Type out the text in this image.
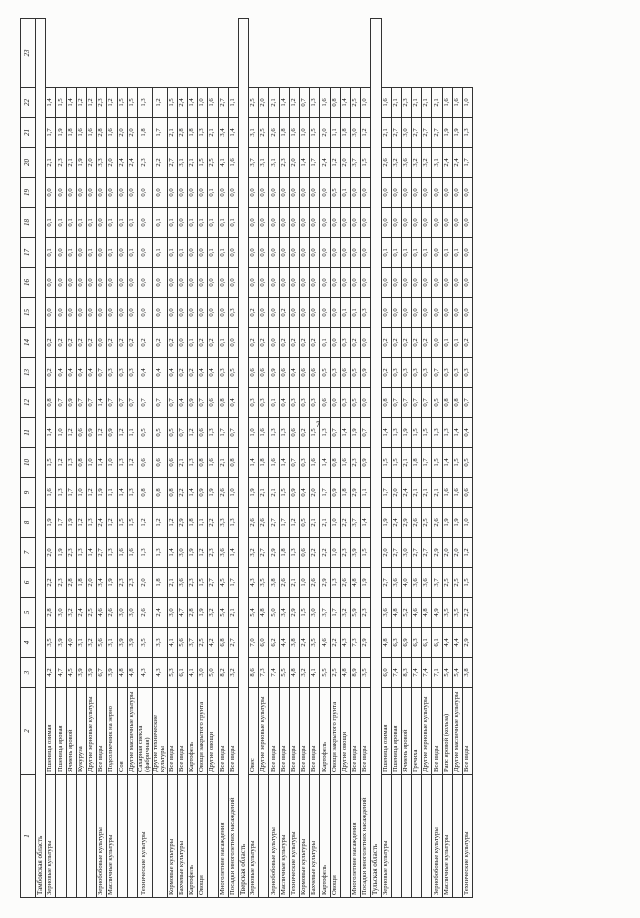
1	2	3	4	5	6	7	8	9	10	11	12	13	14	15	16	17	18	19	20	21	22	23
Тамбовская область																						
Зерновые культуры	Пшеница озимая	4,2	3,5	2,8	2,2	2,0	1,9	1,6	1,5	1,4	0,8	0,2	0,2	0,0	0,0	0,1	0,1	0,0	2,1	1,7	1,4	
	Пшеница яровая	4,7	3,9	3,0	2,3	1,9	1,7	1,3	1,2	1,0	0,7	0,4	0,2	0,0	0,0	0,0	0,1	0,0	2,3	1,9	1,5	
	Ячмень яровой	4,5	4,0	3,2	2,8	2,3	1,9	1,7	1,3	1,2	0,9	0,4	0,2	0,0	0,0	0,1	0,1	0,0	2,1	1,8	1,4	
	Кукуруза	3,9	3,1	2,4	1,8	1,3	1,2	1,0	0,8	0,6	0,7	0,4	0,2	0,0	0,0	0,0	0,1	0,0	1,9	1,6	1,2	
	Другие зерновые культуры	3,9	3,2	2,5	2,0	1,4	1,3	1,2	1,0	0,9	0,7	0,4	0,2	0,0	0,0	0,1	0,1	0,0	2,0	1,6	1,2	
Зернобобовые культуры	Все виды	6,7	5,6	4,6	3,4	2,7	2,4	1,9	1,4	1,2	1,4	0,7	0,0	0,0	0,0	0,0	0,0	0,0	3,3	2,8	2,3	
Масличные культуры	Подсолнечник на зерно	3,9	3,1	2,6	1,9	1,3	1,2	1,1	1,0	0,9	0,7	0,3	0,2	0,0	0,0	0,1	0,1	0,0	2,0	1,6	1,2	
	Соя	4,8	3,9	3,0	2,3	1,6	1,5	1,4	1,3	1,2	0,7	0,3	0,2	0,0	0,0	0,0	0,1	0,0	2,4	2,0	1,5	
	Другие масличные культуры	4,8	3,9	3,0	2,3	1,6	1,5	1,3	1,2	1,1	0,7	0,3	0,2	0,0	0,0	0,1	0,1	0,0	2,4	2,0	1,5	
Технические культуры	Сахарная свекла (фабричная)	4,3	3,5	2,6	2,0	1,3	1,2	0,8	0,6	0,5	0,7	0,4	0,2	0,0	0,0	0,0	0,0	0,0	2,3	1,8	1,3	
	Другие технические культуры	4,3	3,3	2,4	1,8	1,3	1,2	0,8	0,6	0,5	0,7	0,4	0,2	0,0	0,0	0,1	0,1	0,0	2,2	1,7	1,2	
Кормовые культуры	Все виды	5,3	4,1	3,0	2,1	1,4	1,2	0,8	0,6	0,5	0,7	0,4	0,2	0,0	0,0	0,1	0,1	0,0	2,7	2,1	1,5	
Бахчевые культуры	Все виды	6,1	5,6	4,7	3,6	3,0	2,9	2,2	2,1	0,7	0,4	0,2	0,0	0,0	0,0	0,1	0,0	0,0	3,1	2,8	2,4	
Картофель	Картофель	4,1	3,7	2,8	2,3	1,9	1,8	1,4	1,3	1,2	0,9	0,2	0,1	0,0	0,0	0,0	0,1	0,0	2,1	1,8	1,4	
Овощи	Овощи закрытого грунта	3,0	2,5	1,9	1,5	1,2	1,1	0,9	0,8	0,6	0,7	0,4	0,2	0,0	0,0	0,0	0,1	0,0	1,5	1,3	1,0	
	Другие овощи	5,0	4,2	3,2	2,7	2,3	2,2	1,9	1,6	1,3	0,6	0,4	0,2	0,0	0,0	0,1	0,1	0,1	2,5	2,1	1,6	
Многолетние насаждения	Все виды	8,2	6,8	5,4	4,5	3,6	3,3	2,6	2,1	1,7	0,8	0,3	0,1	0,0	0,0	0,1	0,1	0,0	4,1	3,4	2,7	
Посадки многолетних насаждений	Все виды	3,2	2,7	2,1	1,7	1,4	1,3	1,0	0,8	0,7	0,4	0,5	0,0	0,3	0,0	0,0	0,1	0,0	1,6	1,4	1,1	
Тверская область																						
Зерновые культуры	Овес	8,6	7,0	5,4	4,3	3,2	2,6	1,9	1,4	1,0	0,3	0,6	0,2	0,2	0,0	0,0	0,0	0,0	3,7	3,1	2,5	
	Другие зерновые культуры	7,3	6,0	4,8	3,5	2,7	2,6	2,1	1,8	1,6	0,3	0,6	0,2	0,0	0,0	0,0	0,0	0,0	3,1	2,5	2,0	
Зернобобовые культуры	Все виды	7,4	6,2	5,0	3,8	2,9	2,7	2,1	1,6	1,3	0,1	0,9	0,0	0,0	0,0	0,0	0,0	0,0	3,1	2,6	2,1	
Масличные культуры	Все виды	5,5	4,4	3,4	2,6	1,8	1,7	1,5	1,4	1,3	0,4	0,6	0,2	0,2	0,0	0,0	0,0	0,0	2,3	1,8	1,4	
Технические культуры	Все виды	4,8	3,8	2,9	2,1	1,3	1,2	0,9	0,7	0,6	0,3	0,4	0,2	0,0	0,0	0,0	0,0	0,0	2,0	1,6	1,2	
Кормовые культуры	Все виды	3,2	2,4	1,5	1,0	0,6	0,5	0,4	0,3	0,2	0,3	0,6	0,2	0,0	0,0	0,0	0,0	0,0	1,4	1,0	0,7	
Бахчевые культуры	Все виды	4,1	3,5	3,0	2,6	2,2	2,1	2,0	1,6	1,5	0,3	0,6	0,2	0,0	0,0	0,0	0,0	0,0	1,7	1,5	1,3	
Картофель	Картофель	5,5	4,6	3,7	2,9	2,2	2,1	1,7	1,4	1,3	0,6	0,5	0,1	0,0	0,0	0,0	0,0	0,0	2,4	2,0	1,6	
Овощи	Овощи закрытого грунта	2,5	2,2	1,7	1,3	1,0	1,0	0,9	0,8	0,7	0,0	0,3	0,0	0,0	0,0	0,0	0,0	0,5	1,2	1,1	0,8	
	Другие овощи	4,8	4,3	3,2	2,6	2,3	2,2	1,8	1,6	1,4	0,3	0,6	0,3	0,1	0,0	0,0	0,0	0,1	2,0	1,8	1,4	
Многолетние насаждения	Все виды	8,9	7,3	5,9	4,8	3,9	3,7	2,9	2,3	1,9	0,5	0,5	0,2	0,1	0,0	0,0	0,0	0,0	3,7	3,0	2,5	
Посадки многолетних насаждений	Все виды	3,5	2,9	2,3	1,9	1,5	1,4	1,1	0,9	0,7	0,0	0,9	0,0	0,3	0,0	0,0	0,0	0,0	1,5	1,2	1,0	
Тульская область																						
Зерновые культуры	Пшеница озимая	6,0	4,8	3,6	2,7	2,0	1,9	1,7	1,5	1,4	0,8	0,2	0,2	0,0	0,0	0,1	0,0	0,0	2,6	2,1	1,6	
	Пшеница яровая	7,4	6,3	4,8	3,6	2,7	2,4	2,0	1,5	1,3	0,7	0,3	0,2	0,0	0,0	0,1	0,0	0,0	3,2	2,7	2,1	
	Ячмень яровой	8,3	6,9	5,2	4,0	3,0	2,9	2,4	2,1	1,9	0,7	0,3	0,2	0,0	0,0	0,1	0,0	0,0	3,6	3,0	2,3	
	Гречиха	7,4	6,3	4,6	3,6	2,7	2,6	2,1	1,8	1,5	0,7	0,3	0,2	0,0	0,0	0,1	0,0	0,0	3,2	2,7	2,1	
	Другие зерновые культуры	7,4	6,1	4,8	3,6	2,7	2,5	2,1	1,7	1,5	0,7	0,3	0,2	0,0	0,0	0,1	0,0	0,0	3,2	2,7	2,1	
Зернобобовые культуры	Все виды	7,1	6,1	4,9	3,7	2,9	2,6	2,1	1,5	1,3	0,5	0,7	0,0	0,0	0,0	0,0	0,0	0,0	3,1	2,7	2,1	
Масличные культуры	Рапс яровой (кольза)	5,4	4,4	3,5	2,5	2,0	1,9	1,6	1,4	1,3	0,8	0,3	0,1	0,0	0,0	0,1	0,0	0,0	2,4	1,9	1,6	
	Другие масличные культуры	5,4	4,4	3,5	2,5	2,0	1,9	1,6	1,5	1,4	0,8	0,3	0,1	0,0	0,0	0,1	0,0	0,0	2,4	1,9	1,6	
Технические культуры	Все виды	3,8	2,9	2,2	1,5	1,2	1,0	0,6	0,5	0,4	0,7	0,3	0,2	0,0	0,0	0,0	0,0	0,0	1,7	1,3	1,0	
7
